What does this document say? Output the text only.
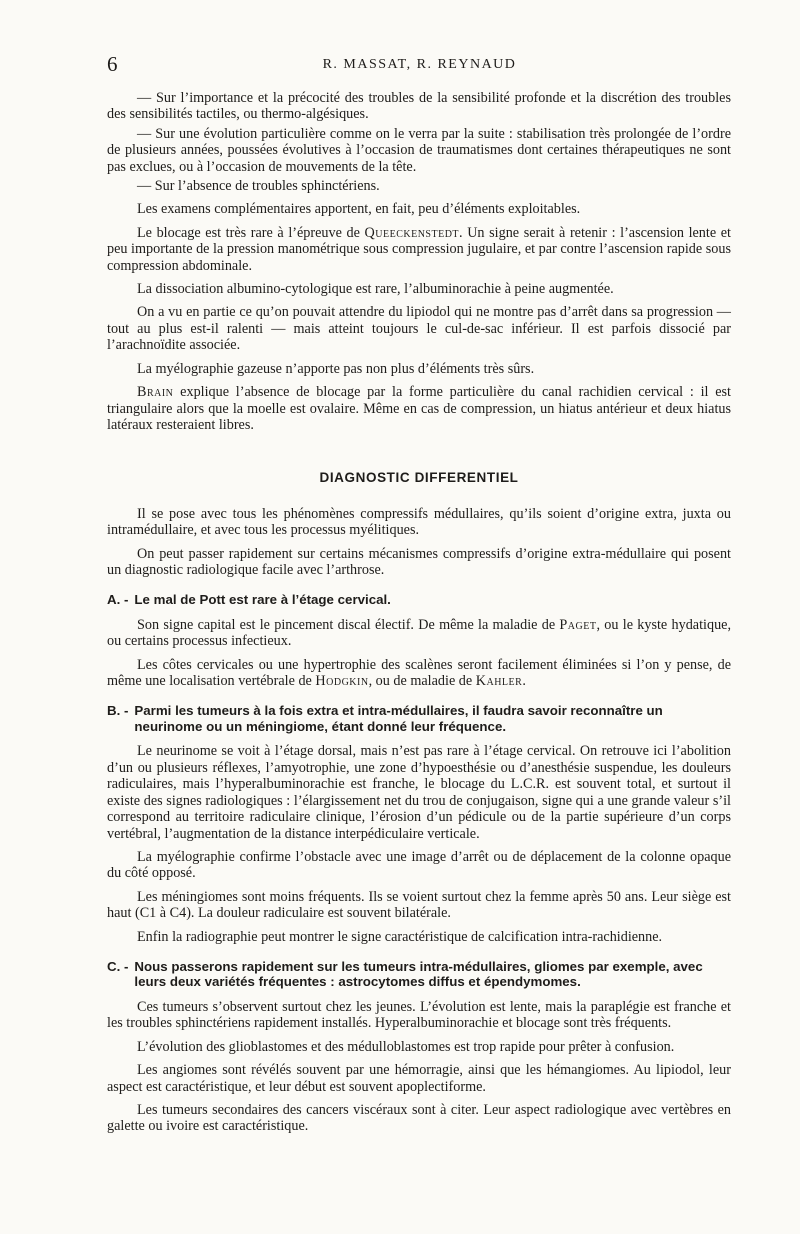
6	R. MASSAT, R. REYNAUD

— Sur l’importance et la précocité des troubles de la sensibilité profonde et la discrétion des troubles des sensibilités tactiles, ou thermo-algésiques.

— Sur une évolution particulière comme on le verra par la suite : stabilisation très prolongée de l’ordre de plusieurs années, poussées évolutives à l’occasion de traumatismes dont certaines thérapeutiques ne sont pas exclues, ou à l’occasion de mouvements de la tête.

— Sur l’absence de troubles sphinctériens.

Les examens complémentaires apportent, en fait, peu d’éléments exploitables.

Le blocage est très rare à l’épreuve de Queeckenstedt. Un signe serait à retenir : l’ascension lente et peu importante de la pression manométrique sous compression jugulaire, et par contre l’ascension rapide sous compression abdominale.

La dissociation albumino-cytologique est rare, l’albuminorachie à peine augmentée.

On a vu en partie ce qu’on pouvait attendre du lipiodol qui ne montre pas d’arrêt dans sa progression — tout au plus est-il ralenti — mais atteint toujours le cul-de-sac inférieur. Il est parfois dissocié par l’arachnoïdite associée.

La myélographie gazeuse n’apporte pas non plus d’éléments très sûrs.

Brain explique l’absence de blocage par la forme particulière du canal rachidien cervical : il est triangulaire alors que la moelle est ovalaire. Même en cas de compression, un hiatus antérieur et deux hiatus latéraux resteraient libres.

DIAGNOSTIC DIFFERENTIEL

Il se pose avec tous les phénomènes compressifs médullaires, qu’ils soient d’origine extra, juxta ou intramédullaire, et avec tous les processus myélitiques.

On peut passer rapidement sur certains mécanismes compressifs d’origine extra-médullaire qui posent un diagnostic radiologique facile avec l’arthrose.

A. - Le mal de Pott est rare à l’étage cervical.

Son signe capital est le pincement discal électif. De même la maladie de Paget, ou le kyste hydatique, ou certains processus infectieux.

Les côtes cervicales ou une hypertrophie des scalènes seront facilement éliminées si l’on y pense, de même une localisation vertébrale de Hodgkin, ou de maladie de Kahler.

B. - Parmi les tumeurs à la fois extra et intra-médullaires, il faudra savoir reconnaître un neurinome ou un méningiome, étant donné leur fréquence.

Le neurinome se voit à l’étage dorsal, mais n’est pas rare à l’étage cervical. On retrouve ici l’abolition d’un ou plusieurs réflexes, l’amyotrophie, une zone d’hypoesthésie ou d’anesthésie suspendue, les douleurs radiculaires, mais l’hyperalbuminorachie est franche, le blocage du L.C.R. est souvent total, et surtout il existe des signes radiologiques : l’élargissement net du trou de conjugaison, signe qui a une grande valeur s’il correspond au territoire radiculaire clinique, l’érosion d’un pédicule ou de la partie supérieure d’un corps vertébral, l’augmentation de la distance interpédiculaire verticale.

La myélographie confirme l’obstacle avec une image d’arrêt ou de déplacement de la colonne opaque du côté opposé.

Les méningiomes sont moins fréquents. Ils se voient surtout chez la femme après 50 ans. Leur siège est haut (C1 à C4). La douleur radiculaire est souvent bilatérale.

Enfin la radiographie peut montrer le signe caractéristique de calcification intra-rachidienne.

C. - Nous passerons rapidement sur les tumeurs intra-médullaires, gliomes par exemple, avec leurs deux variétés fréquentes : astrocytomes diffus et épendymomes.

Ces tumeurs s’observent surtout chez les jeunes. L’évolution est lente, mais la paraplégie est franche et les troubles sphinctériens rapidement installés. Hyperalbuminorachie et blocage sont très fréquents.

L’évolution des glioblastomes et des médulloblastomes est trop rapide pour prêter à confusion.

Les angiomes sont révélés souvent par une hémorragie, ainsi que les hémangiomes. Au lipiodol, leur aspect est caractéristique, et leur début est souvent apoplectiforme.

Les tumeurs secondaires des cancers viscéraux sont à citer. Leur aspect radiologique avec vertèbres en galette ou ivoire est caractéristique.
